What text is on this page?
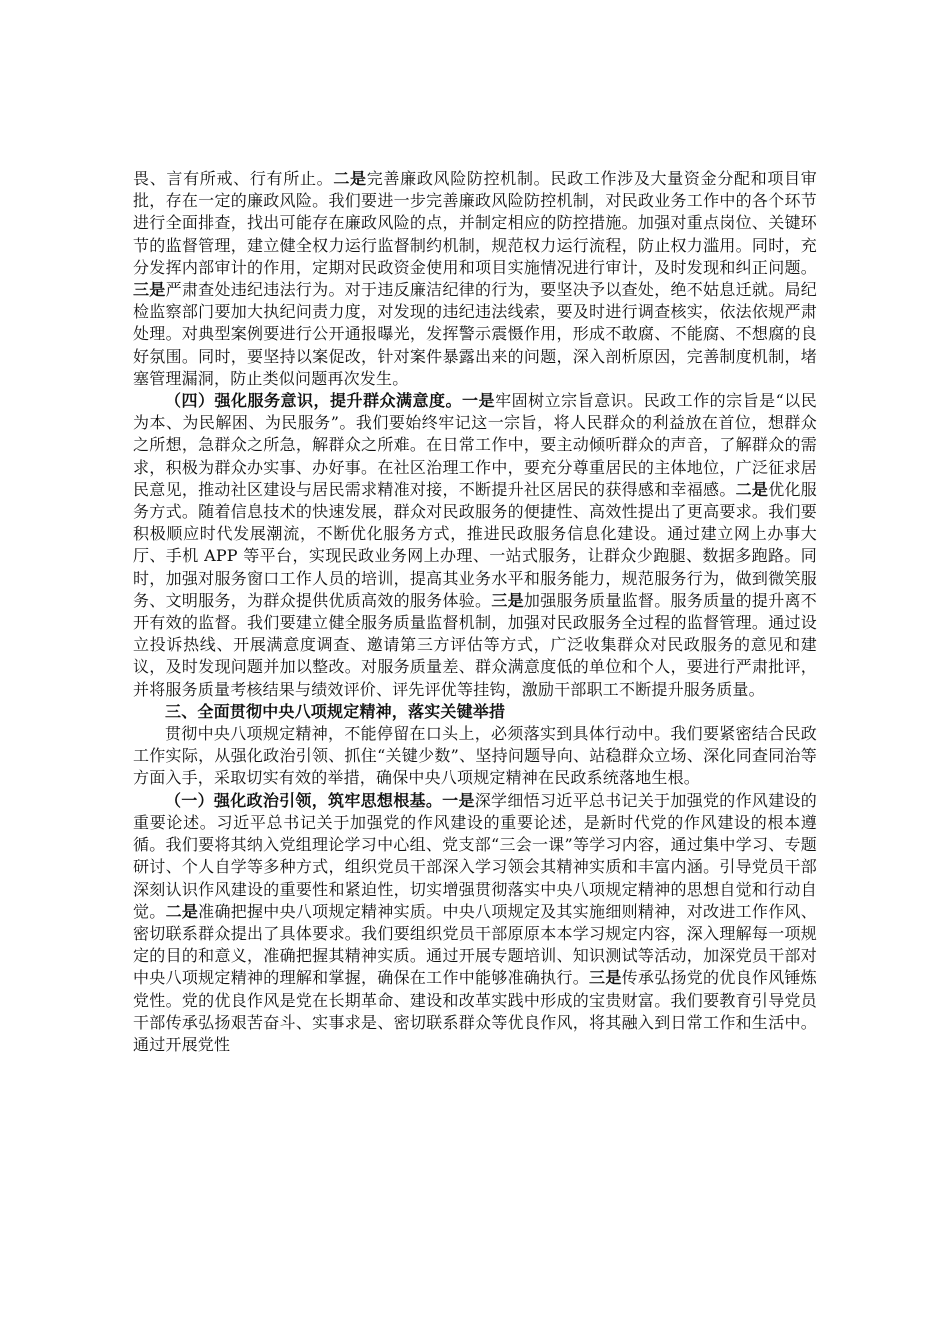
畏、言有所戒、行有所止。二是完善廉政风险防控机制。民政工作涉及大量资金分配和项目审批，存在一定的廉政风险。我们要进一步完善廉政风险防控机制，对民政业务工作中的各个环节进行全面排查，找出可能存在廉政风险的点，并制定相应的防控措施。加强对重点岗位、关键环节的监督管理，建立健全权力运行监督制约机制，规范权力运行流程，防止权力滥用。同时，充分发挥内部审计的作用，定期对民政资金使用和项目实施情况进行审计，及时发现和纠正问题。三是严肃查处违纪违法行为。对于违反廉洁纪律的行为，要坚决予以查处，绝不姑息迁就。局纪检监察部门要加大执纪问责力度，对发现的违纪违法线索，要及时进行调查核实，依法依规严肃处理。对典型案例要进行公开通报曝光，发挥警示震慑作用，形成不敢腐、不能腐、不想腐的良好氛围。同时，要坚持以案促改，针对案件暴露出来的问题，深入剖析原因，完善制度机制，堵塞管理漏洞，防止类似问题再次发生。

（四）强化服务意识，提升群众满意度。一是牢固树立宗旨意识。民政工作的宗旨是“以民为本、为民解困、为民服务”。我们要始终牢记这一宗旨，将人民群众的利益放在首位，想群众之所想，急群众之所急，解群众之所难。在日常工作中，要主动倾听群众的声音，了解群众的需求，积极为群众办实事、办好事。在社区治理工作中，要充分尊重居民的主体地位，广泛征求居民意见，推动社区建设与居民需求精准对接，不断提升社区居民的获得感和幸福感。二是优化服务方式。随着信息技术的快速发展，群众对民政服务的便捷性、高效性提出了更高要求。我们要积极顺应时代发展潮流，不断优化服务方式，推进民政服务信息化建设。通过建立网上办事大厅、手机 APP 等平台，实现民政业务网上办理、一站式服务，让群众少跑腿、数据多跑路。同时，加强对服务窗口工作人员的培训，提高其业务水平和服务能力，规范服务行为，做到微笑服务、文明服务，为群众提供优质高效的服务体验。三是加强服务质量监督。服务质量的提升离不开有效的监督。我们要建立健全服务质量监督机制，加强对民政服务全过程的监督管理。通过设立投诉热线、开展满意度调查、邀请第三方评估等方式，广泛收集群众对民政服务的意见和建议，及时发现问题并加以整改。对服务质量差、群众满意度低的单位和个人，要进行严肃批评，并将服务质量考核结果与绩效评价、评先评优等挂钩，激励干部职工不断提升服务质量。

三、全面贯彻中央八项规定精神，落实关键举措

贯彻中央八项规定精神，不能停留在口头上，必须落实到具体行动中。我们要紧密结合民政工作实际，从强化政治引领、抓住“关键少数”、坚持问题导向、站稳群众立场、深化同查同治等方面入手，采取切实有效的举措，确保中央八项规定精神在民政系统落地生根。

（一）强化政治引领，筑牢思想根基。一是深学细悟习近平总书记关于加强党的作风建设的重要论述。习近平总书记关于加强党的作风建设的重要论述，是新时代党的作风建设的根本遵循。我们要将其纳入党组理论学习中心组、党支部“三会一课”等学习内容，通过集中学习、专题研讨、个人自学等多种方式，组织党员干部深入学习领会其精神实质和丰富内涵。引导党员干部深刻认识作风建设的重要性和紧迫性，切实增强贯彻落实中央八项规定精神的思想自觉和行动自觉。二是准确把握中央八项规定精神实质。中央八项规定及其实施细则精神，对改进工作作风、密切联系群众提出了具体要求。我们要组织党员干部原原本本学习规定内容，深入理解每一项规定的目的和意义，准确把握其精神实质。通过开展专题培训、知识测试等活动，加深党员干部对中央八项规定精神的理解和掌握，确保在工作中能够准确执行。三是传承弘扬党的优良作风锤炼党性。党的优良作风是党在长期革命、建设和改革实践中形成的宝贵财富。我们要教育引导党员干部传承弘扬艰苦奋斗、实事求是、密切联系群众等优良作风，将其融入到日常工作和生活中。通过开展党性
